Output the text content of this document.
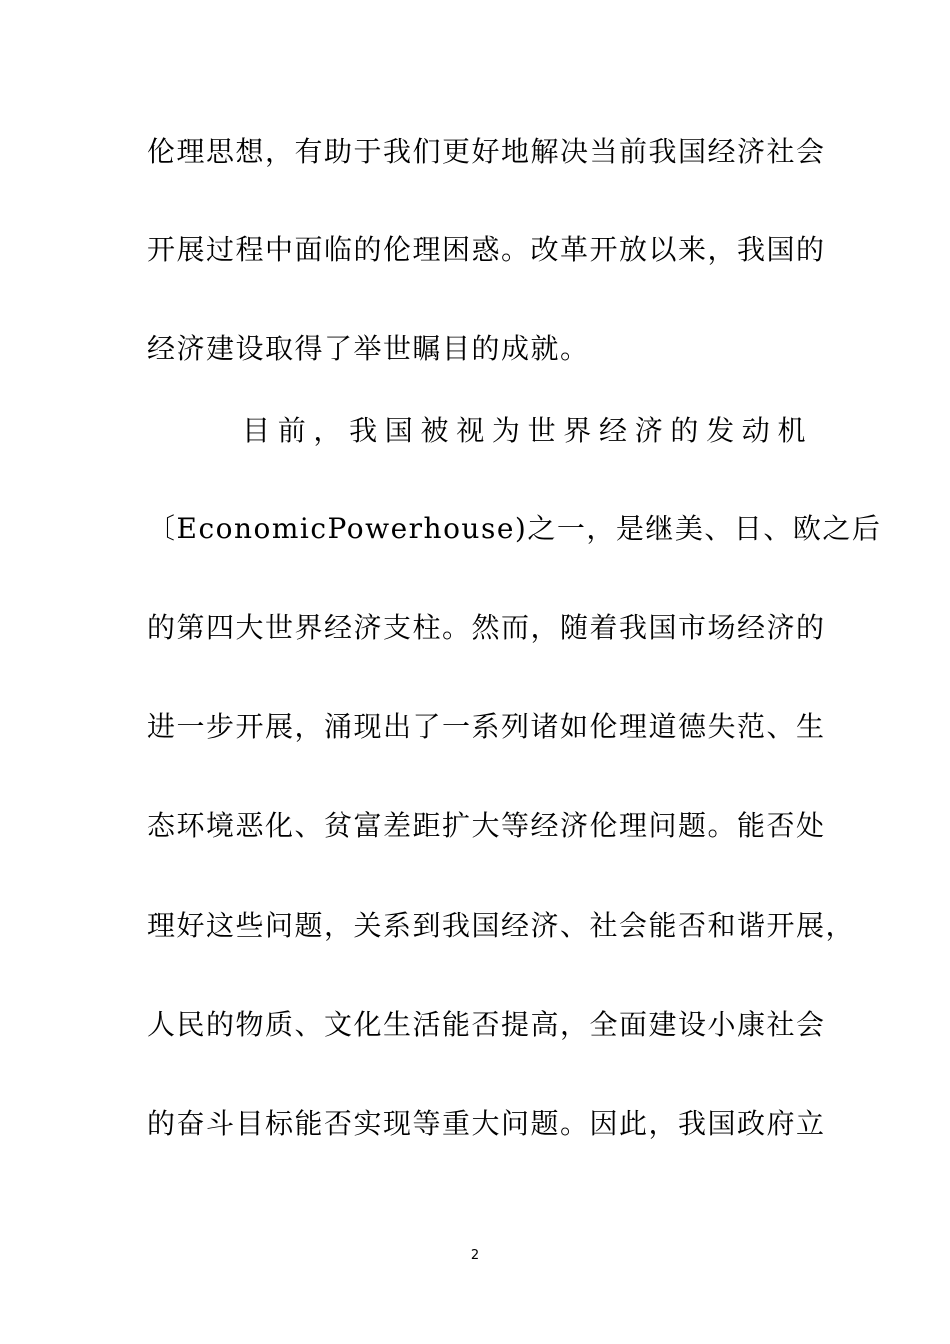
伦理思想，有助于我们更好地解决当前我国经济社会
开展过程中面临的伦理困惑。改革开放以来，我国的
经济建设取得了举世瞩目的成就。
目前，我国被视为世界经济的发动机
〔EconomicPowerhouse)之一，是继美、日、欧之后
的第四大世界经济支柱。然而，随着我国市场经济的
进一步开展，涌现出了一系列诸如伦理道德失范、生
态环境恶化、贫富差距扩大等经济伦理问题。能否处
理好这些问题，关系到我国经济、社会能否和谐开展，
人民的物质、文化生活能否提高，全面建设小康社会
的奋斗目标能否实现等重大问题。因此，我国政府立
2
